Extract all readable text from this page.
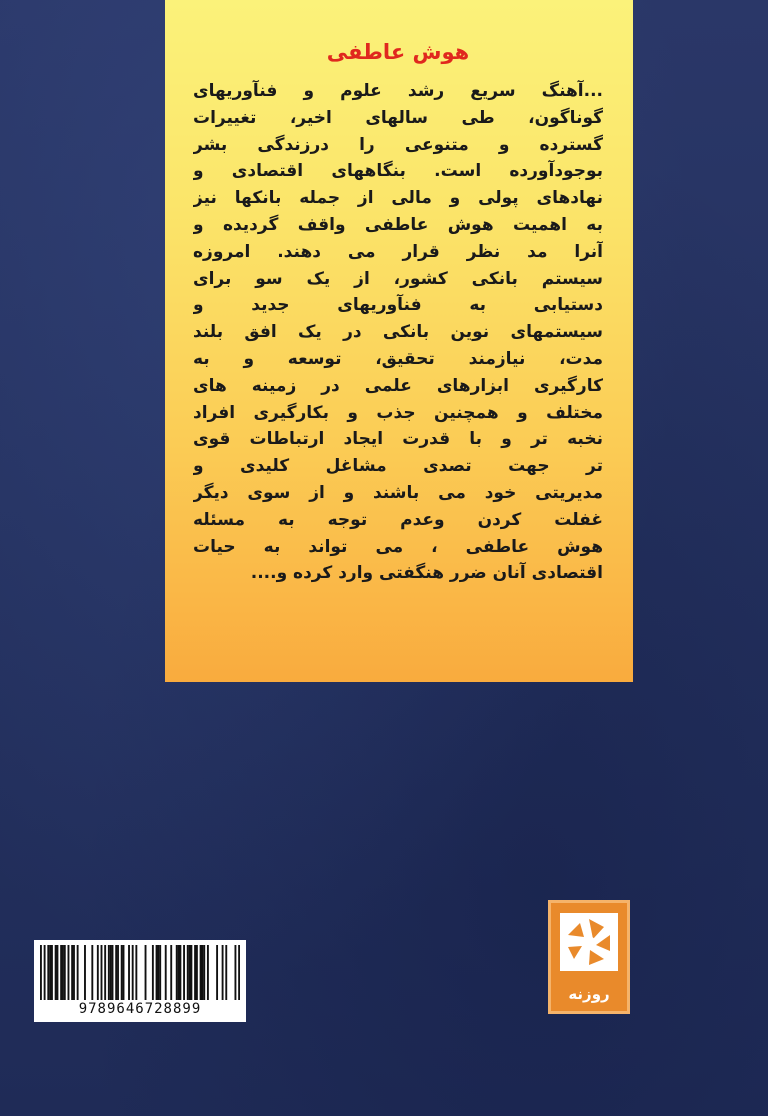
هوش عاطفی
...آهنگ سریع رشد علوم و فنآوریهای
گوناگون، طی سالهای اخیر، تغییرات
گسترده و متنوعی را درزندگی بشر
بوجودآورده است. بنگاههای اقتصادی و
نهادهای پولی و مالی از جمله بانکها نیز
به اهمیت هوش عاطفی واقف گردیده و
آنرا مد نظر قرار می دهند. امروزه
سیستم بانکی کشور، از یک سو برای
دستیابی به فنآوریهای جدید و
سیستمهای نوین بانکی در یک افق بلند
مدت، نیازمند تحقیق، توسعه و به
کارگیری ابزارهای علمی در زمینه های
مختلف و همچنین جذب و بکارگیری افراد
نخبه تر و با قدرت ایجاد ارتباطات قوی
تر جهت تصدی مشاغل کلیدی و
مدیریتی خود می باشند و از سوی دیگر
غفلت کردن وعدم توجه به مسئله
هوش عاطفی ، می تواند به حیات
اقتصادی آنان ضرر هنگفتی وارد کرده و....
روزنه

9789646728899
